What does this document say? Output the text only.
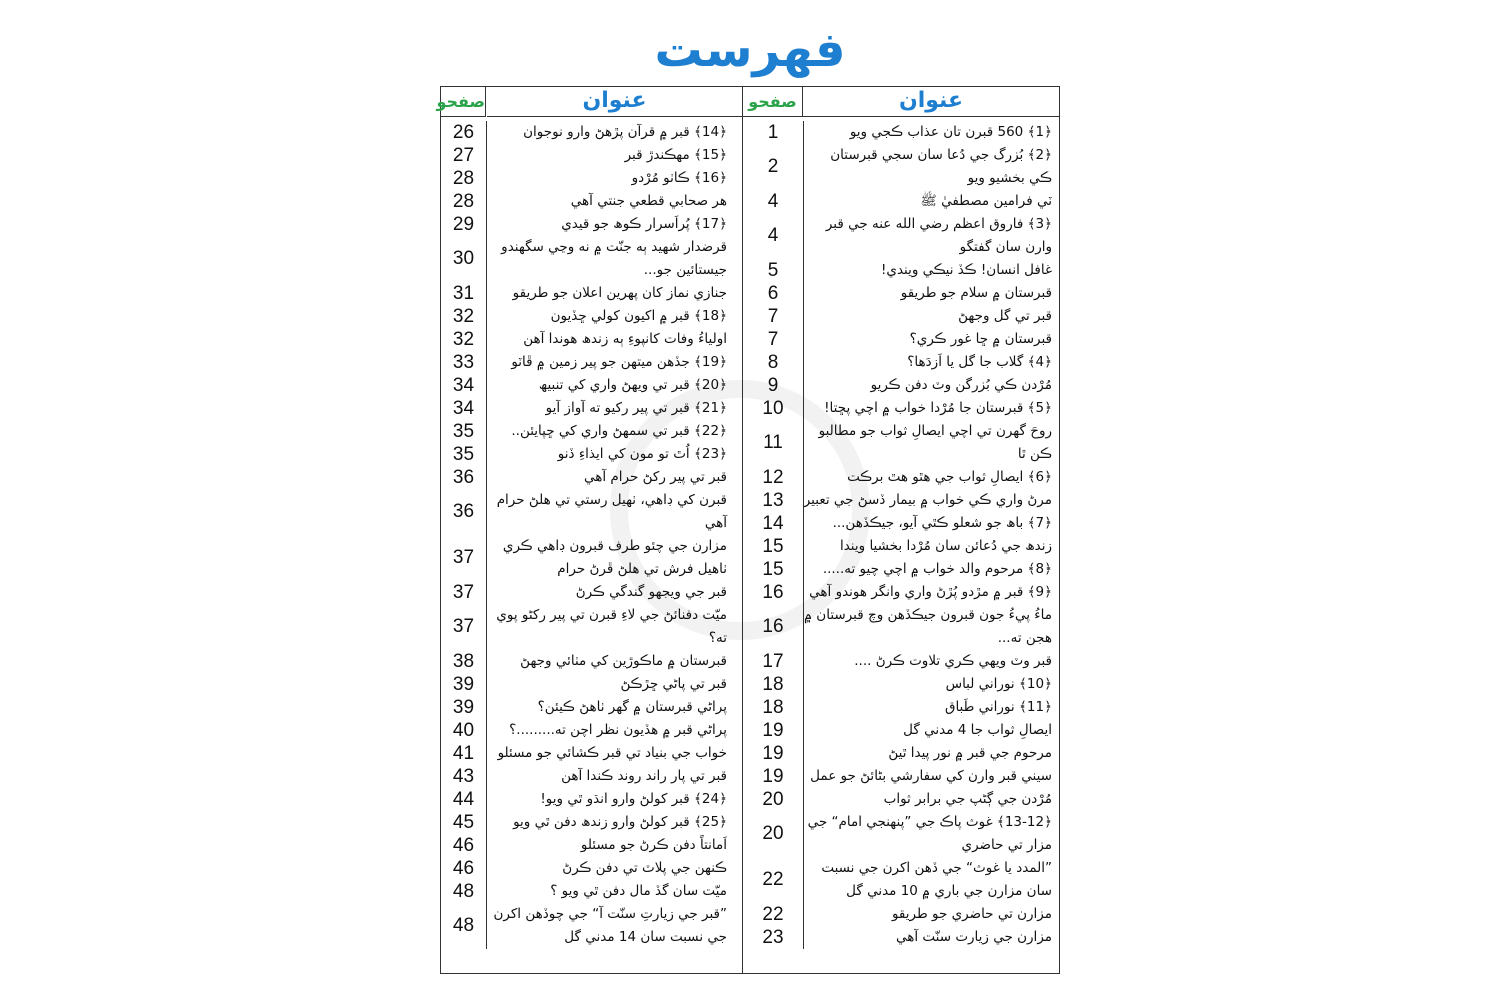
فهرست
عنوان
صفحو
﴿1﴾ 560 قبرن تان عذاب ڪجي ويو
1
﴿2﴾ بُزرگ جي دُعا سان سجي قبرستان ڪي بخشيو ويو
2
ٽي فرامين مصطفيٰ ﷺ
4
﴿3﴾ فاروق اعظم رضي الله عنه جي قبر وارن سان گفتگو
4
غافل انسان! ڪڏ نيڪي ويندي!
5
قبرستان ۾ سلام جو طريقو
6
قبر تي گل وجھڻ
7
قبرستان ۾ ڇا غور ڪري؟
7
﴿4﴾ گلاب جا گل يا اَزدَها؟
8
مُرْدن ڪي بُزرگن وٽ دفن ڪريو
9
﴿5﴾ قبرستان جا مُرْدا خواب ۾ اچي پڇتا!
10
روحَ گھرن تي اچي ايصالِ ثواب جو مطالبو ڪن ٿا
11
﴿6﴾ ايصالِ ثواب جي هٿو هٿ برڪت
12
مرڻ واري ڪي خواب ۾ بيمار ڏسڻ جي تعبير
13
﴿7﴾ باھ جو شعلو ڪٿي آيو، جيڪڏهن...
14
زندھ جي دُعائن سان مُرْدا بخشيا ويندا
15
﴿8﴾ مرحوم والد خواب ۾ اچي چيو ته.....
15
﴿9﴾ قبر ۾ مڙدو پُڙڻ واري وانگر هوندو آهي
16
ماءُ پيءُ جون قبرون جيڪڏهن وچ قبرستان ۾ هجن ته...
16
قبر وٽ ويهي ڪري تلاوت ڪرڻ ....
17
﴿10﴾ نوراني لباس
18
﴿11﴾ نوراني طَباق
18
ايصالِ ثواب جا 4 مدني گل
19
مرحوم جي قبر ۾ نور پيدا ٿيڻ
19
سيني قبر وارن کي سفارشي بڻائڻ جو عمل
19
مُرْدن جي ڳڻپ جي برابر ثواب
20
﴿13-12﴾ غوث پاڪ جي ”پنهنجي امام“ جي مزار تي حاضري
20
”المدد يا غوث“ جي ڏهن اکرن جي نسبت سان مزارن جي باري ۾ 10 مدني گل
22
مزارن تي حاضري جو طريقو
22
مزارن جي زيارت سنّت آهي
23
عنوان
صفحو
﴿14﴾ قبر ۾ قرآن پڙهڻ وارو نوجوان
26
﴿15﴾ مهڪندڙ قبر
27
﴿16﴾ ڪاٺو مُرْدو
28
هر صحابي قطعي جنتي آهي
28
﴿17﴾ پُراَسرار ڪوھ جو قيدي
29
قرضدار شهيد ٻه جنّت ۾ نه وڃي سگھندو جيستائين جو...
30
جنازي نماز کان پهرين اعلان جو طريقو
31
﴿18﴾ قبر ۾ اکيون کولي ڇڏيون
32
اولياءُ وفات کانپوءِ ٻه زندھ هوندا آهن
32
﴿19﴾ جڏهن ميتهن جو پير زمين ۾ ڦاٽو
33
﴿20﴾ قبر تي ويهڻ واري کي تنبيھ
34
﴿21﴾ قبر تي پير رکيو ته آواز آيو
34
﴿22﴾ قبر تي سمهڻ واري کي ڇپايئن..
35
﴿23﴾ اُٿ تو مون کي ايذاءِ ڏنو
35
قبر تي پير رکڻ حرام آهي
36
قبرن کي ڊاهي، ٺهيل رستي تي هلڻ حرام آهي
36
مزارن جي چئو طرف قبرون ڊاهي ڪري ٺاهيل فرش تي هلڻ ڦرڻ حرام
37
قبر جي ويجھو گندگي ڪرڻ
37
ميّت دفنائڻ جي لاءِ قبرن تي پير رکڻو پوي ته؟
37
قبرستان ۾ ماڪوڙين کي مٺائي وجھڻ
38
قبر تي پاڻي ڇڙڪڻ
39
پراڻي قبرستان ۾ گھر ٺاهڻ ڪيئن؟
39
پراڻي قبر ۾ هڏيون نظر اچن ته.........؟
40
خواب جي بنياد تي قبر ڪشائي جو مسئلو
41
قبر تي پار راند روند ڪندا آهن
43
﴿24﴾ قبر کولڻ وارو انڌو ٿي ويو!
44
﴿25﴾ قبر کولڻ وارو زندھ دفن ٿي ويو
45
اَمانتاً دفن ڪرڻ جو مسئلو
46
ڪنهن جي پلاٽ تي دفن ڪرڻ
46
ميّت سان گڏ مال دفن ٿي ويو ؟
48
”قبر جي زيارتِ سنّت آ“ جي چوڏهن اکرن جي نسبت سان 14 مدني گل
48
